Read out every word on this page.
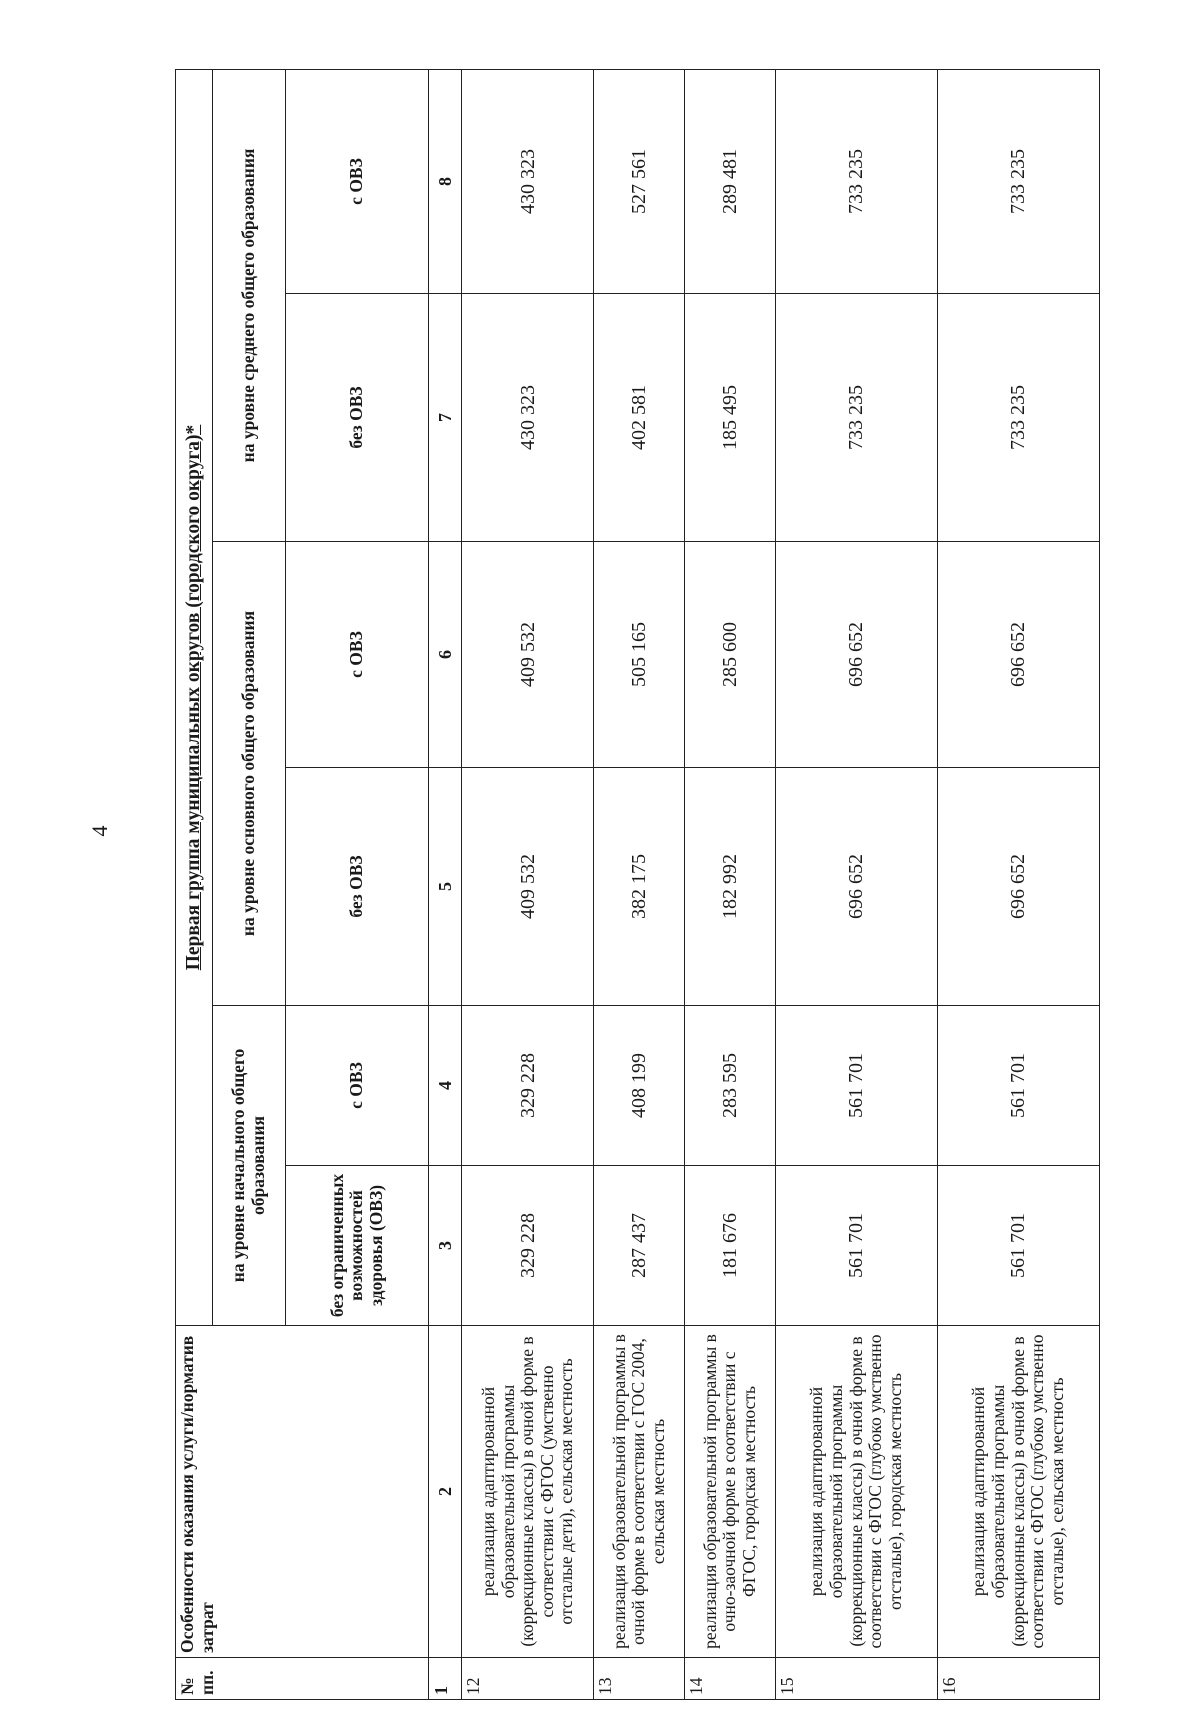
4
№ пп.	Особенности оказания услуги/норматив затрат	Первая группа муниципальных округов (городского округа)*					
		на уровне начального общего образования		на уровне основного общего образования		на уровне среднего общего образования	
		без ограниченных возможностей здоровья (ОВЗ)	с ОВЗ	без ОВЗ	с ОВЗ	без ОВЗ	с ОВЗ
1	2	3	4	5	6	7	8
12	реализация адаптированной образовательной программы (коррекционные классы) в очной форме в соответствии с ФГОС (умственно отсталые дети), сельская местность	329 228	329 228	409 532	409 532	430 323	430 323
13	реализация образовательной программы в очной форме в соответствии с ГОС 2004, сельская местность	287 437	408 199	382 175	505 165	402 581	527 561
14	реализация образовательной программы в очно-заочной форме в соответствии с ФГОС, городская местность	181 676	283 595	182 992	285 600	185 495	289 481
15	реализация адаптированной образовательной программы (коррекционные классы) в очной форме в соответствии с ФГОС (глубоко умственно отсталые), городская местность	561 701	561 701	696 652	696 652	733 235	733 235
16	реализация адаптированной образовательной программы (коррекционные классы) в очной форме в соответствии с ФГОС (глубоко умственно отсталые), сельская местность	561 701	561 701	696 652	696 652	733 235	733 235
